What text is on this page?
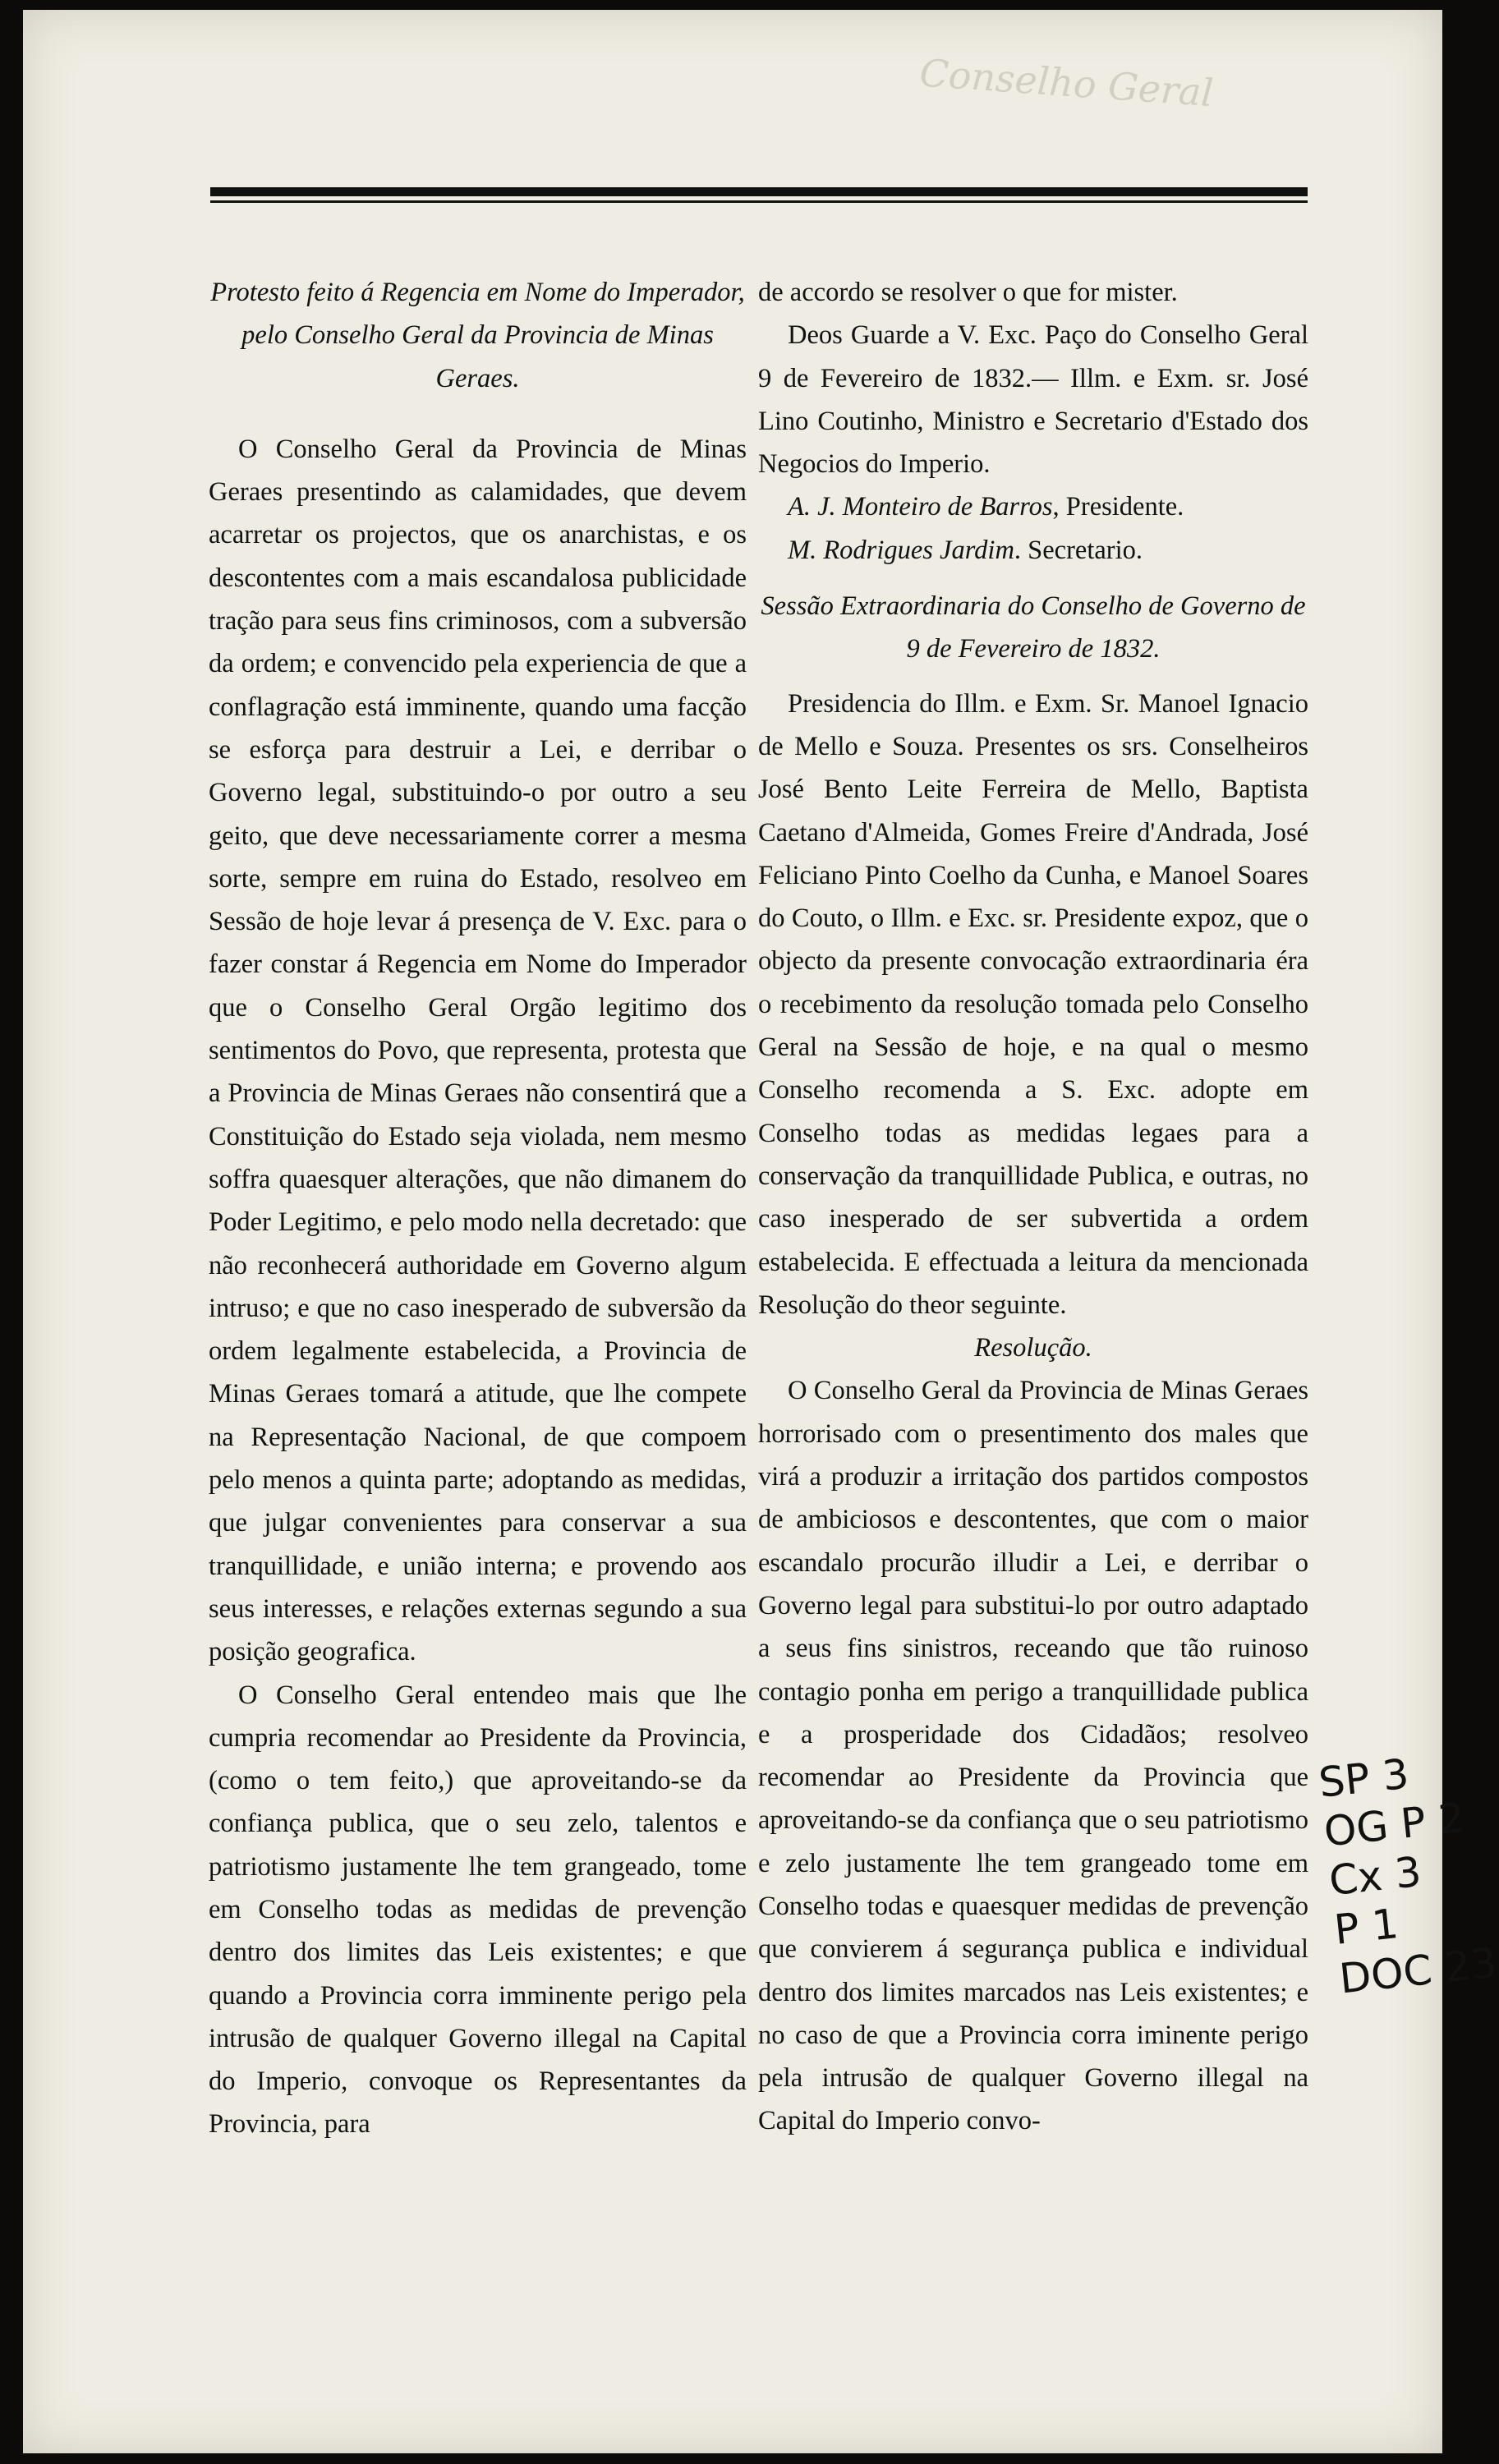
Conselho Geral

Protesto feito á Regencia em Nome do Imperador, pelo Conselho Geral da Provincia de Minas Geraes.

O Conselho Geral da Provincia de Minas Geraes presentindo as calamidades, que devem acarretar os projectos, que os anarchistas, e os descontentes com a mais escandalosa publicidade tração para seus fins criminosos, com a subversão da ordem; e convencido pela experiencia de que a conflagração está imminente, quando uma facção se esforça para destruir a Lei, e derribar o Governo legal, substituindo-o por outro a seu geito, que deve necessariamente correr a mesma sorte, sempre em ruina do Estado, resolveo em Sessão de hoje levar á presença de V. Exc. para o fazer constar á Regencia em Nome do Imperador que o Conselho Geral Orgão legitimo dos sentimentos do Povo, que representa, protesta que a Provincia de Minas Geraes não consentirá que a Constituição do Estado seja violada, nem mesmo soffra quaesquer alterações, que não dimanem do Poder Legitimo, e pelo modo nella decretado: que não reconhecerá authoridade em Governo algum intruso; e que no caso inesperado de subversão da ordem legalmente estabelecida, a Provincia de Minas Geraes tomará a atitude, que lhe compete na Representação Nacional, de que compoem pelo menos a quinta parte; adoptando as medidas, que julgar convenientes para conservar a sua tranquillidade, e união interna; e provendo aos seus interesses, e relações externas segundo a sua posição geografica.

O Conselho Geral entendeo mais que lhe cumpria recomendar ao Presidente da Provincia, (como o tem feito,) que aproveitando-se da confiança publica, que o seu zelo, talentos e patriotismo justamente lhe tem grangeado, tome em Conselho todas as medidas de prevenção dentro dos limites das Leis existentes; e que quando a Provincia corra imminente perigo pela intrusão de qualquer Governo illegal na Capital do Imperio, convoque os Representantes da Provincia, para

de accordo se resolver o que for mister.

Deos Guarde a V. Exc. Paço do Conselho Geral 9 de Fevereiro de 1832.— Illm. e Exm. sr. José Lino Coutinho, Ministro e Secretario d'Estado dos Negocios do Imperio.

A. J. Monteiro de Barros, Presidente.

M. Rodrigues Jardim. Secretario.

Sessão Extraordinaria do Conselho de Governo de 9 de Fevereiro de 1832.

Presidencia do Illm. e Exm. Sr. Manoel Ignacio de Mello e Souza. Presentes os srs. Conselheiros José Bento Leite Ferreira de Mello, Baptista Caetano d'Almeida, Gomes Freire d'Andrada, José Feliciano Pinto Coelho da Cunha, e Manoel Soares do Couto, o Illm. e Exc. sr. Presidente expoz, que o objecto da presente convocação extraordinaria éra o recebimento da resolução tomada pelo Conselho Geral na Sessão de hoje, e na qual o mesmo Conselho recomenda a S. Exc. adopte em Conselho todas as medidas legaes para a conservação da tranquillidade Publica, e outras, no caso inesperado de ser subvertida a ordem estabelecida. E effectuada a leitura da mencionada Resolução do theor seguinte.

Resolução.

O Conselho Geral da Provincia de Minas Geraes horrorisado com o presentimento dos males que virá a produzir a irritação dos partidos compostos de ambiciosos e descontentes, que com o maior escandalo procurão illudir a Lei, e derribar o Governo legal para substitui-lo por outro adaptado a seus fins sinistros, receando que tão ruinoso contagio ponha em perigo a tranquillidade publica e a prosperidade dos Cidadãos; resolveo recomendar ao Presidente da Provincia que aproveitando-se da confiança que o seu patriotismo e zelo justamente lhe tem grangeado tome em Conselho todas e quaesquer medidas de prevenção que convierem á segurança publica e individual dentro dos limites marcados nas Leis existentes; e no caso de que a Provincia corra iminente perigo pela intrusão de qualquer Governo illegal na Capital do Imperio convo-

SP 3
OG P 2
Cx 3
P 1
DOC 23
